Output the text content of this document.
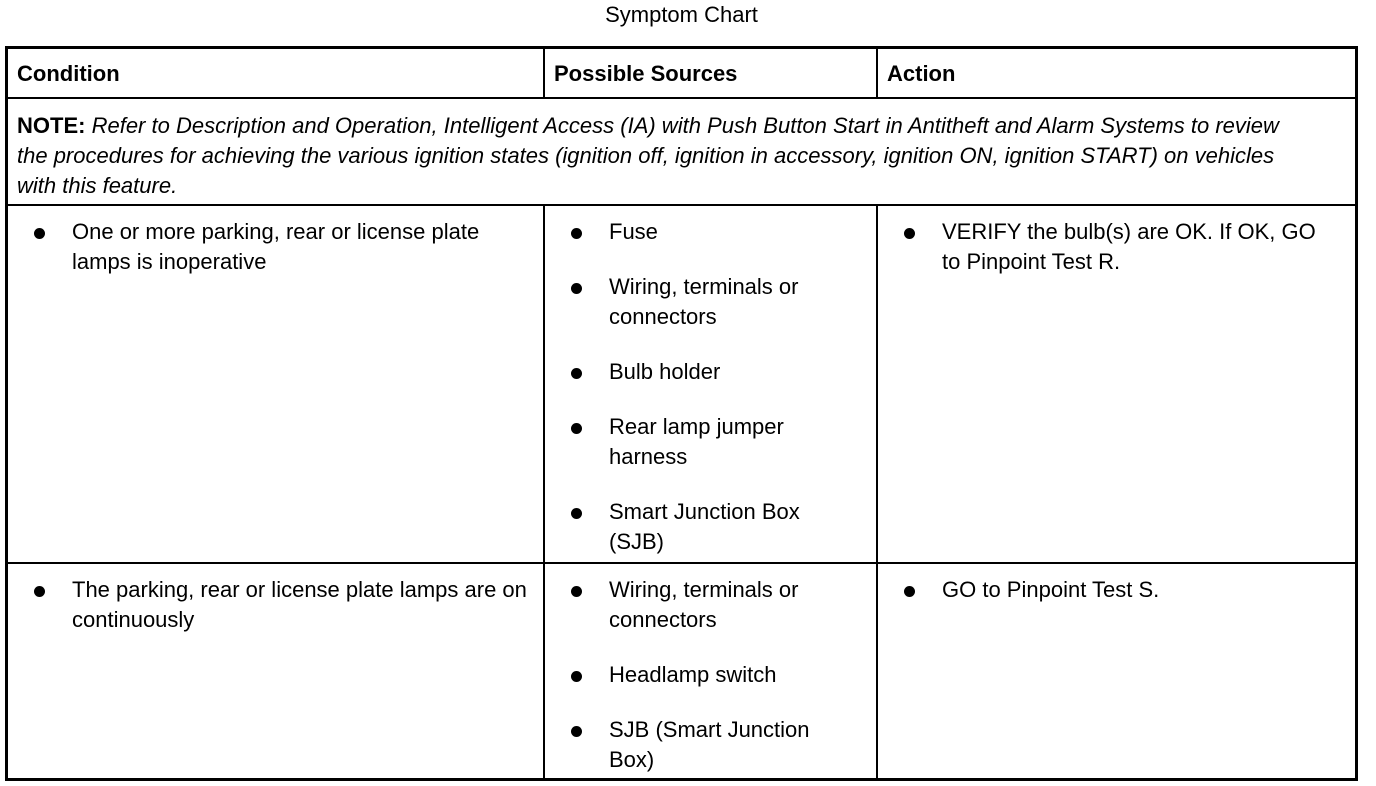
Symptom Chart
Condition	Possible Sources	Action
NOTE: Refer to Description and Operation, Intelligent Access (IA) with Push Button Start in Antitheft and Alarm Systems to review the procedures for achieving the various ignition states (ignition off, ignition in accessory, ignition ON, ignition START) on vehicles with this feature.
One or more parking, rear or license plate lamps is inoperative
Fuse
Wiring, terminals or connectors
Bulb holder
Rear lamp jumper harness
Smart Junction Box (SJB)
VERIFY the bulb(s) are OK. If OK, GO to Pinpoint Test R.
The parking, rear or license plate lamps are on continuously
Wiring, terminals or connectors
Headlamp switch
SJB (Smart Junction Box)
GO to Pinpoint Test S.
